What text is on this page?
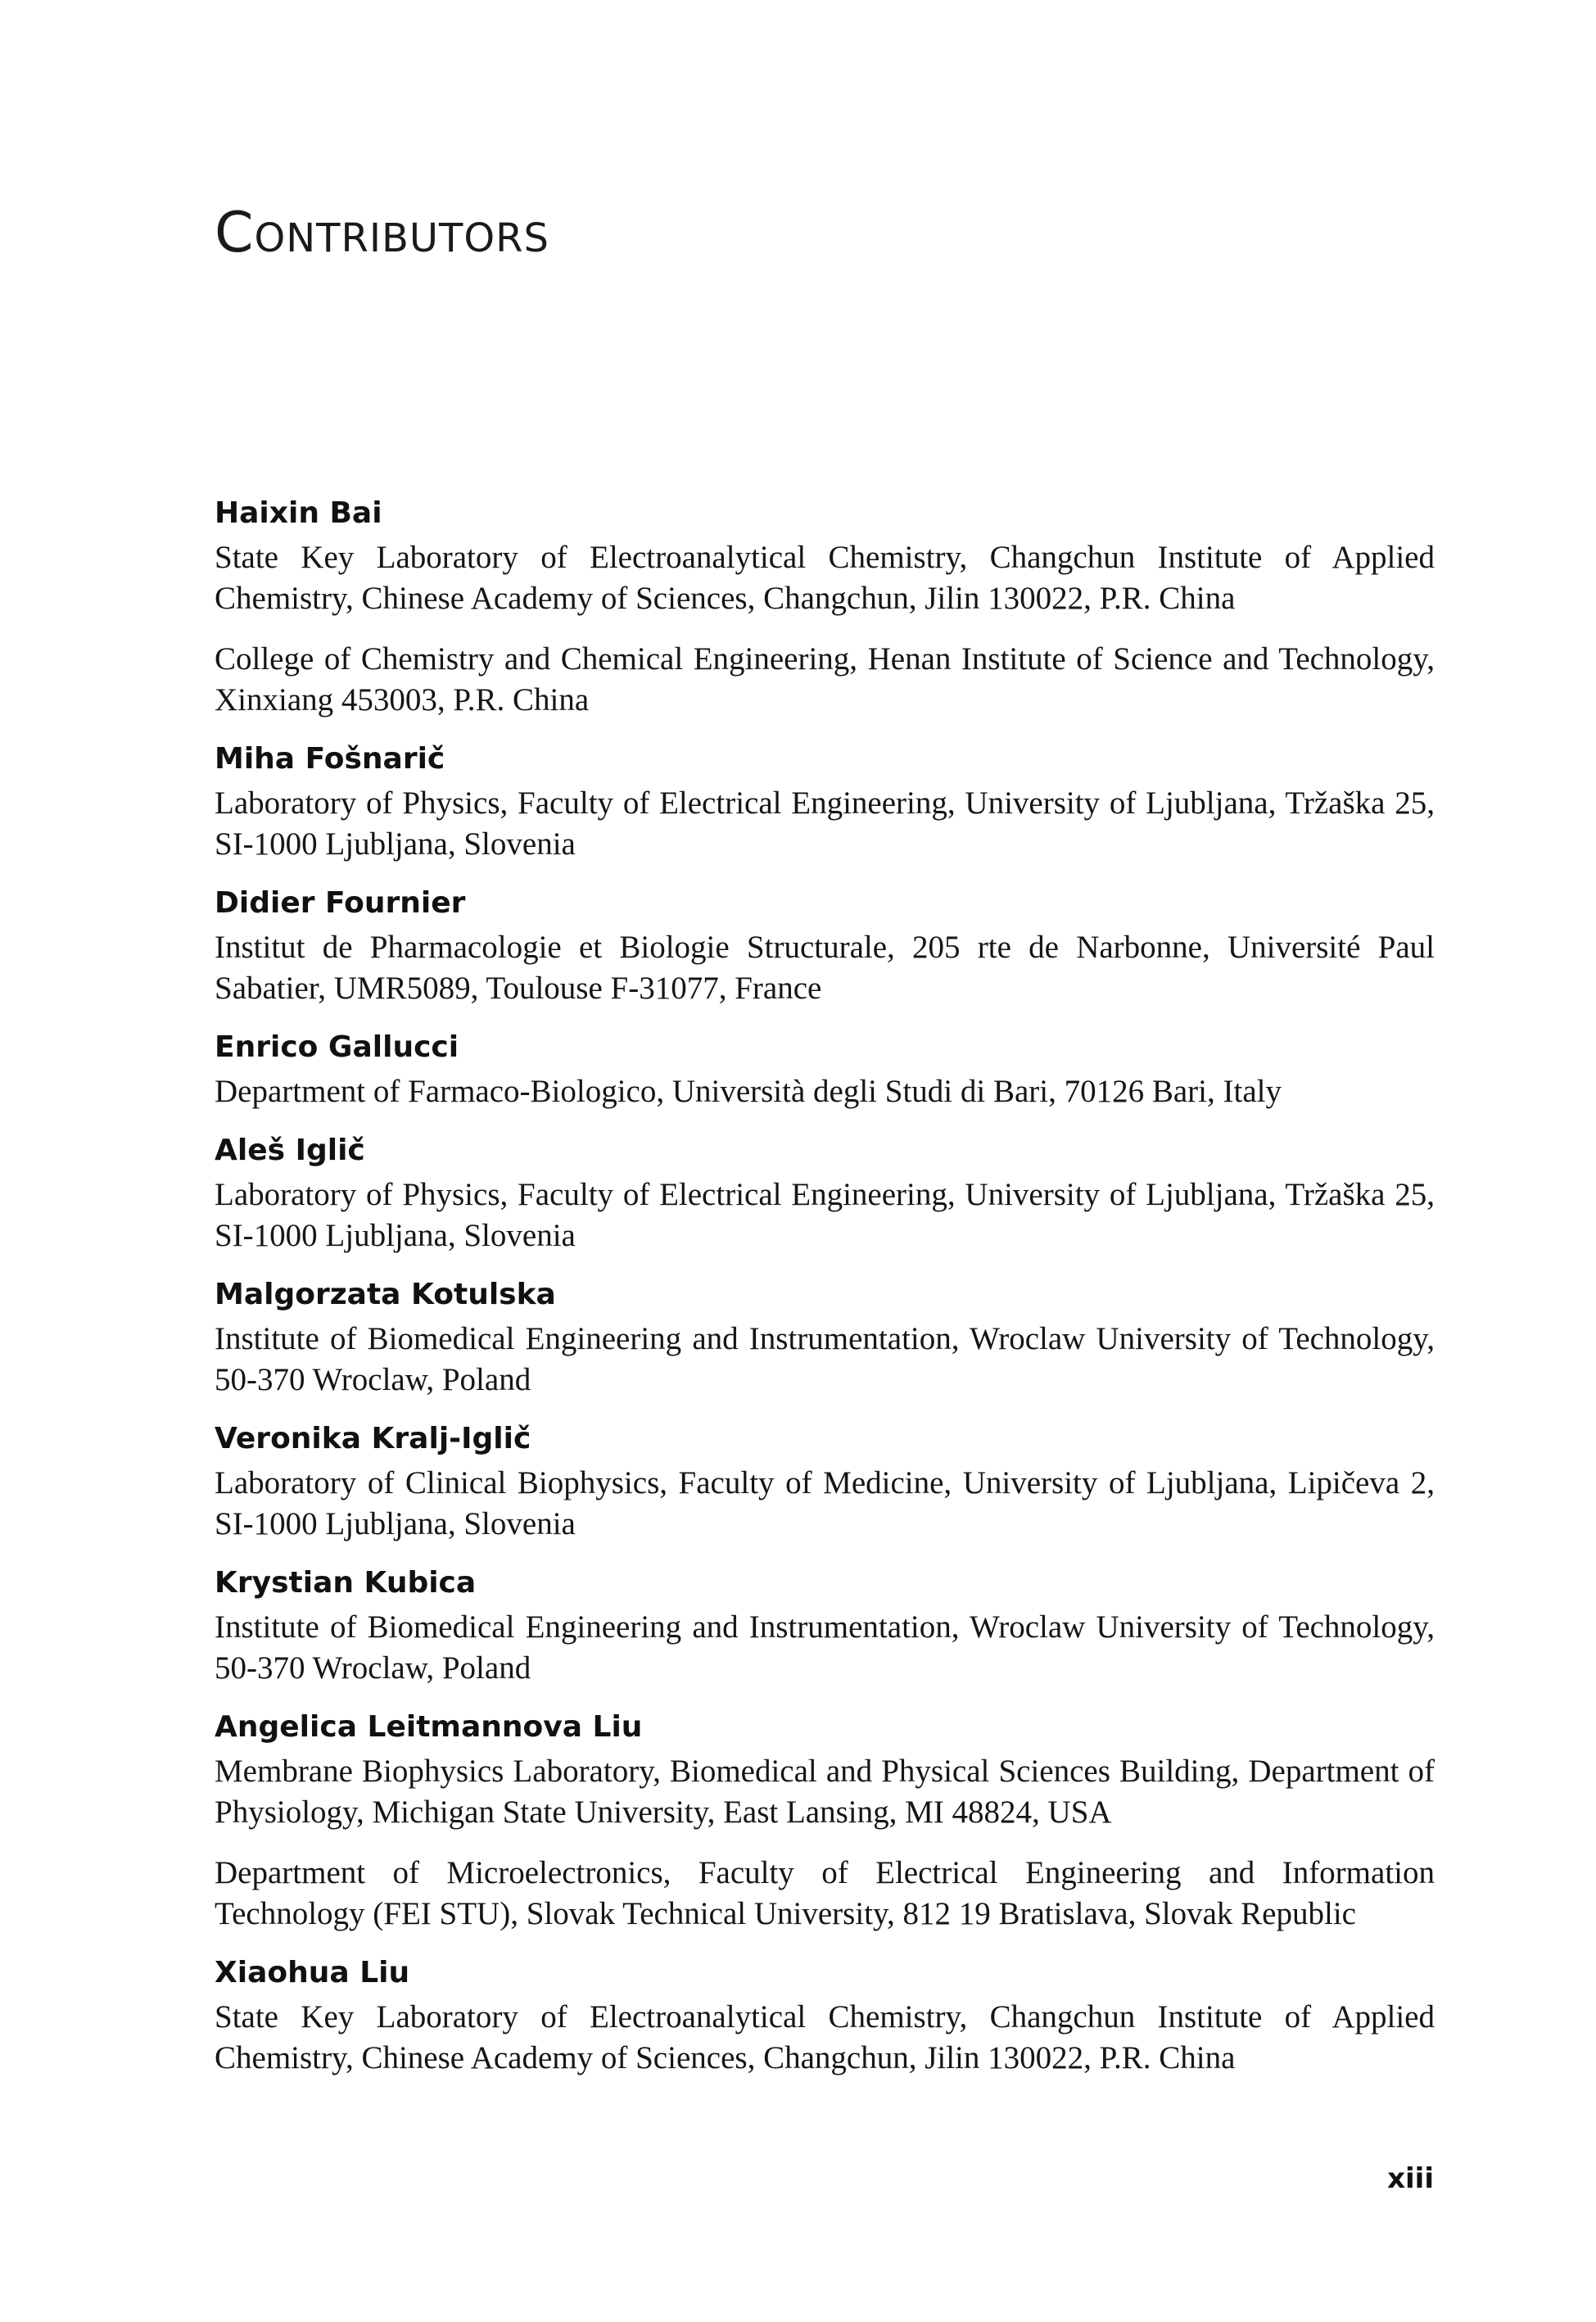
Contributors
Haixin Bai

State Key Laboratory of Electroanalytical Chemistry, Changchun Institute of Applied Chemistry, Chinese Academy of Sciences, Changchun, Jilin 130022, P.R. China

College of Chemistry and Chemical Engineering, Henan Institute of Science and Technology, Xinxiang 453003, P.R. China

Miha Fošnarič

Laboratory of Physics, Faculty of Electrical Engineering, University of Ljubljana, Tržaška 25, SI-1000 Ljubljana, Slovenia

Didier Fournier

Institut de Pharmacologie et Biologie Structurale, 205 rte de Narbonne, Université Paul Sabatier, UMR5089, Toulouse F-31077, France

Enrico Gallucci

Department of Farmaco-Biologico, Università degli Studi di Bari, 70126 Bari, Italy

Aleš Iglič

Laboratory of Physics, Faculty of Electrical Engineering, University of Ljubljana, Tržaška 25, SI-1000 Ljubljana, Slovenia

Malgorzata Kotulska

Institute of Biomedical Engineering and Instrumentation, Wroclaw University of Technology, 50-370 Wroclaw, Poland

Veronika Kralj-Iglič

Laboratory of Clinical Biophysics, Faculty of Medicine, University of Ljubljana, Lipičeva 2, SI-1000 Ljubljana, Slovenia

Krystian Kubica

Institute of Biomedical Engineering and Instrumentation, Wroclaw University of Technology, 50-370 Wroclaw, Poland

Angelica Leitmannova Liu

Membrane Biophysics Laboratory, Biomedical and Physical Sciences Building, Department of Physiology, Michigan State University, East Lansing, MI 48824, USA

Department of Microelectronics, Faculty of Electrical Engineering and Information Technology (FEI STU), Slovak Technical University, 812 19 Bratislava, Slovak Republic

Xiaohua Liu

State Key Laboratory of Electroanalytical Chemistry, Changchun Institute of Applied Chemistry, Chinese Academy of Sciences, Changchun, Jilin 130022, P.R. China

xiii
